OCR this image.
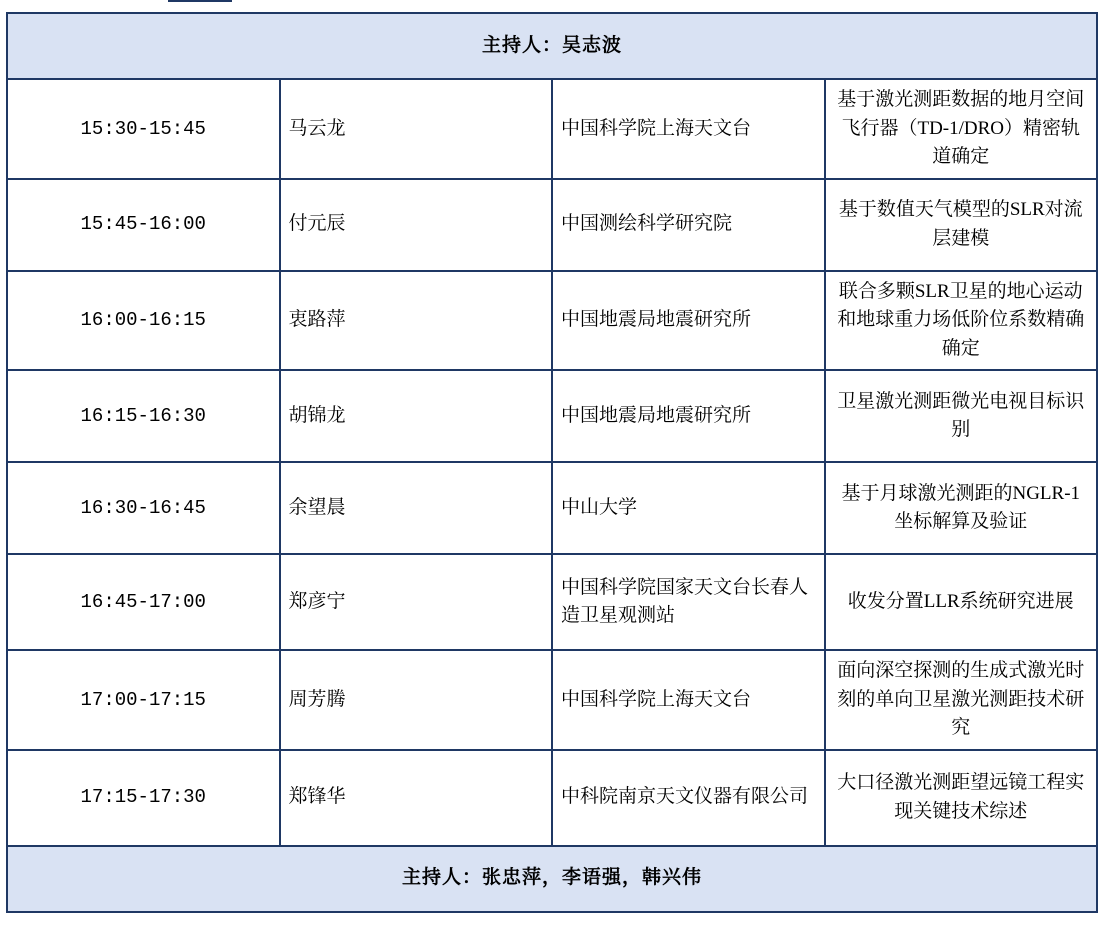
主持人：吴志波			
15:30-15:45	马云龙	中国科学院上海天文台	基于激光测距数据的地月空间飞行器（TD-1/DRO）精密轨道确定
15:45-16:00	付元辰	中国测绘科学研究院	基于数值天气模型的SLR对流层建模
16:00-16:15	衷路萍	中国地震局地震研究所	联合多颗SLR卫星的地心运动和地球重力场低阶位系数精确确定
16:15-16:30	胡锦龙	中国地震局地震研究所	卫星激光测距微光电视目标识别
16:30-16:45	余望晨	中山大学	基于月球激光测距的NGLR-1坐标解算及验证
16:45-17:00	郑彦宁	中国科学院国家天文台长春人造卫星观测站	收发分置LLR系统研究进展
17:00-17:15	周芳腾	中国科学院上海天文台	面向深空探测的生成式激光时刻的单向卫星激光测距技术研究
17:15-17:30	郑锋华	中科院南京天文仪器有限公司	大口径激光测距望远镜工程实现关键技术综述
主持人：张忠萍，李语强，韩兴伟			
